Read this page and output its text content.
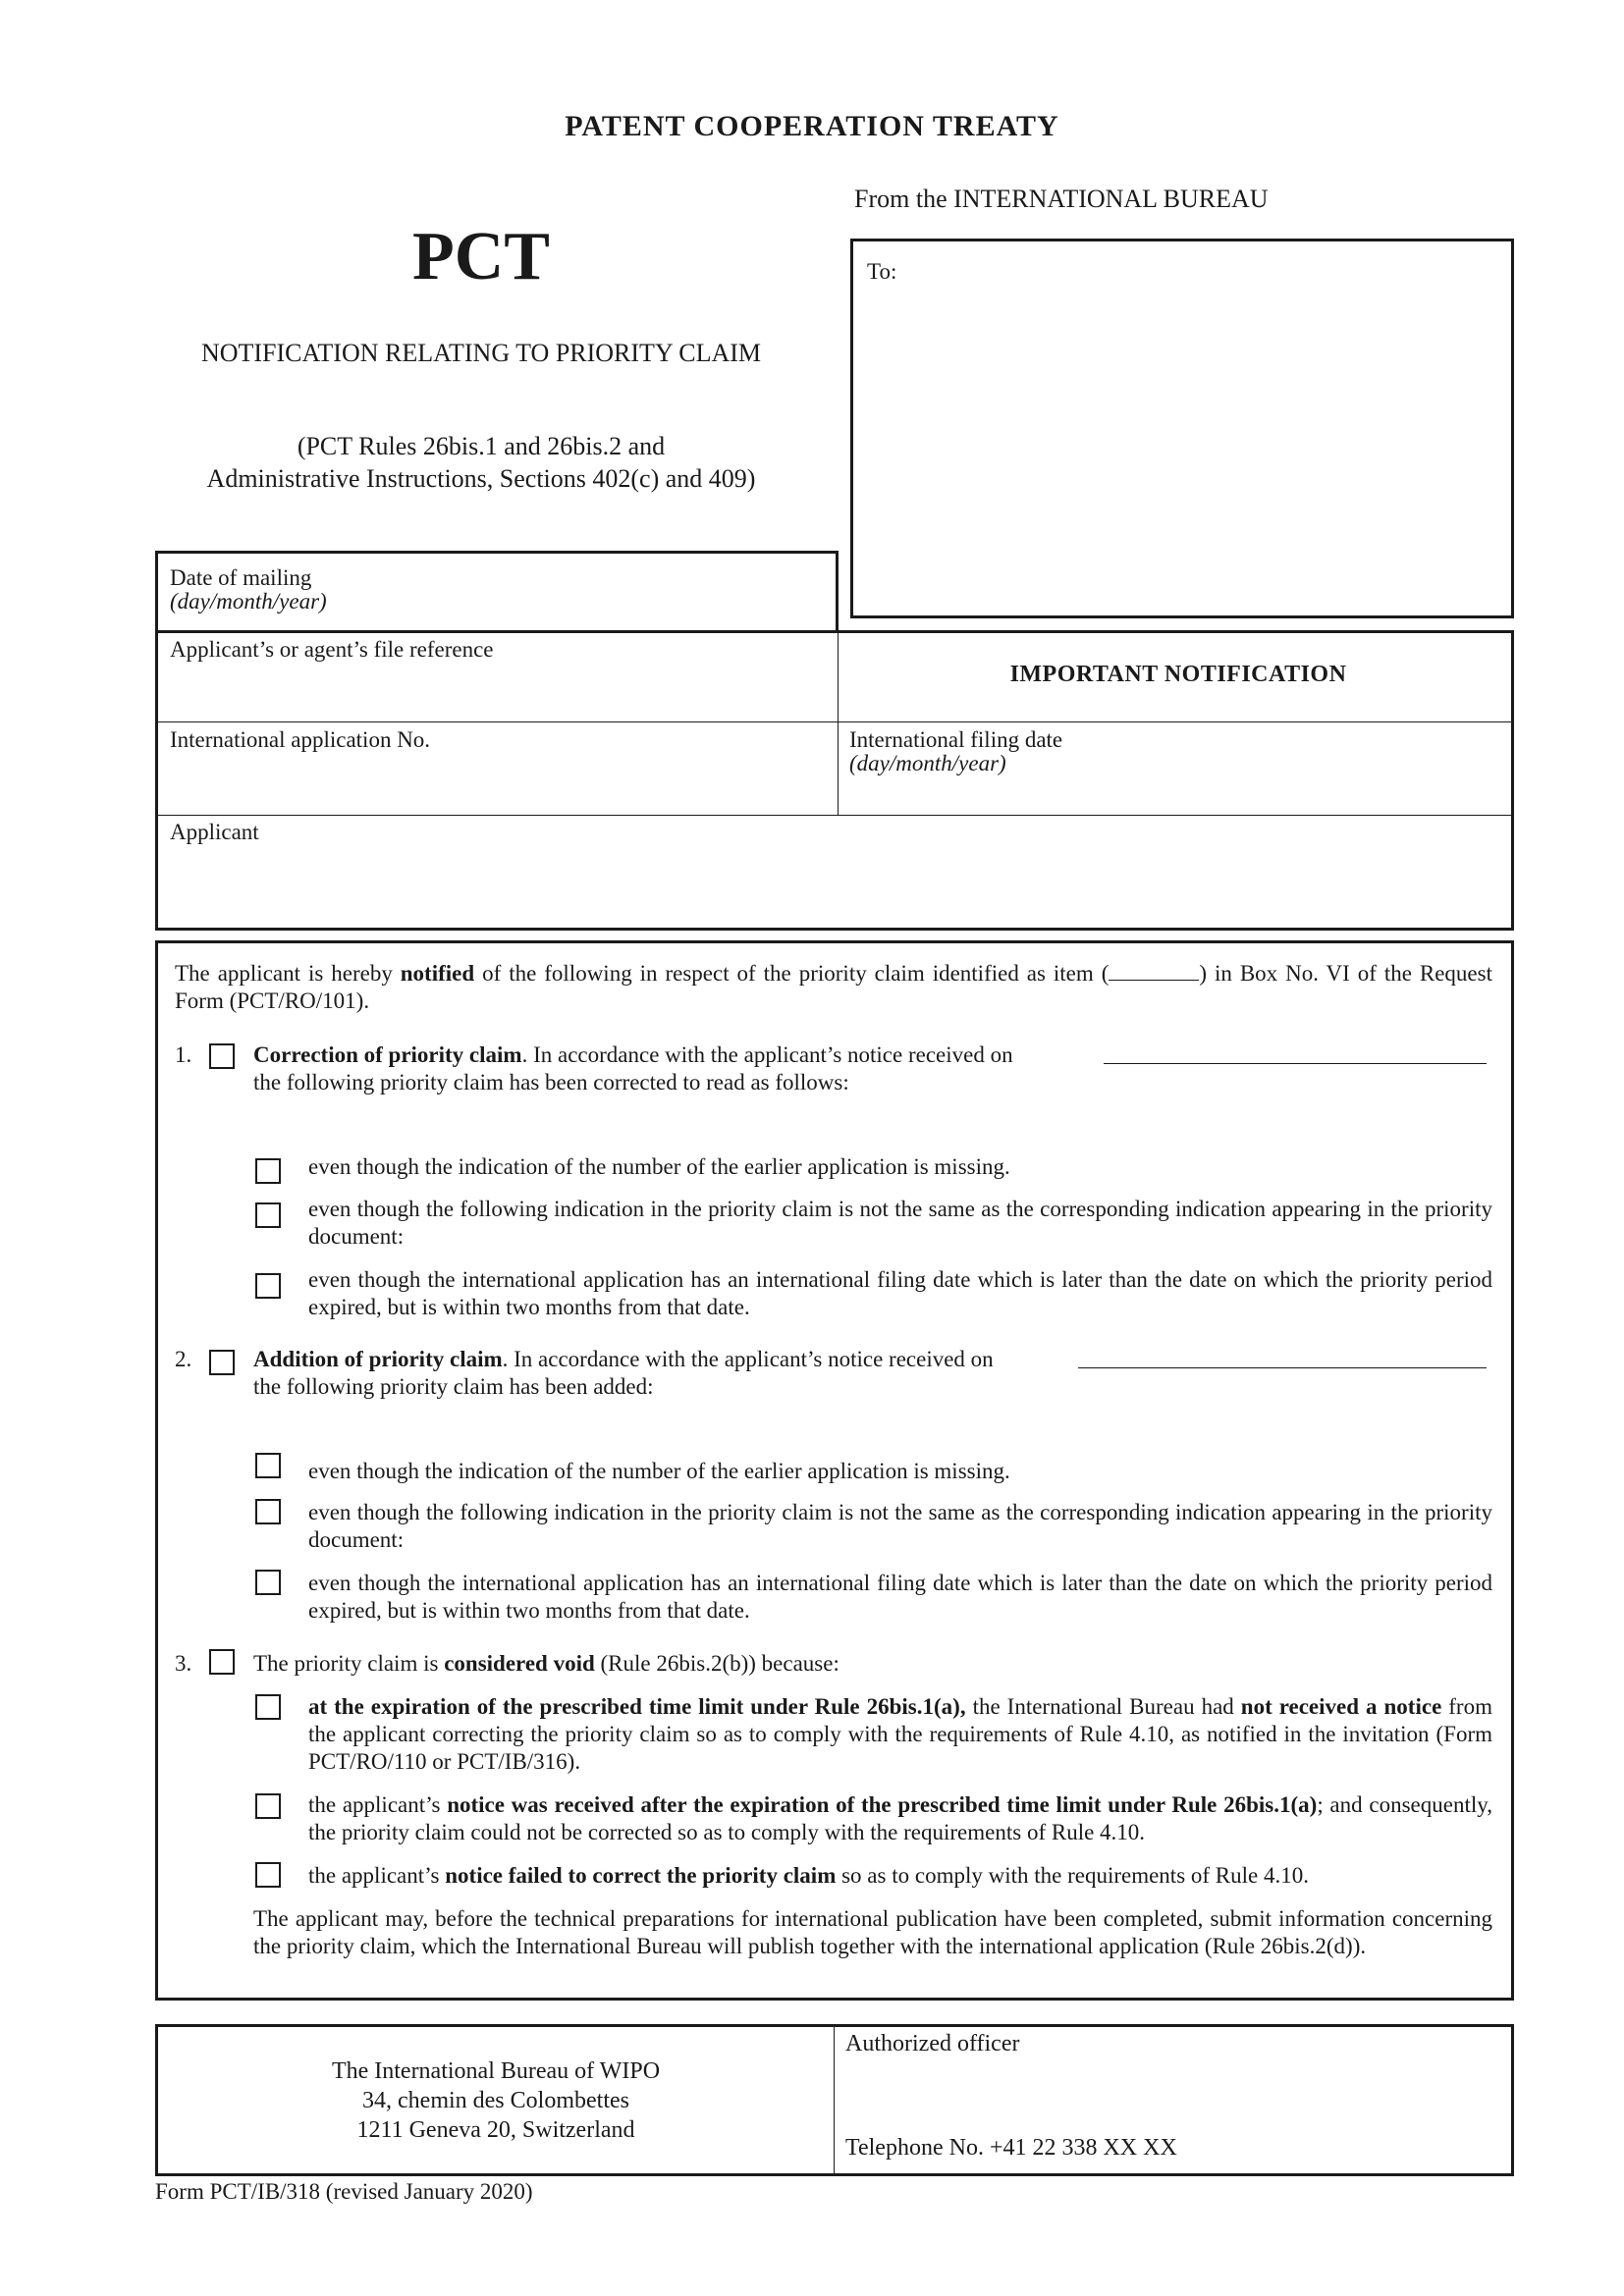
PATENT COOPERATION TREATY
From the INTERNATIONAL BUREAU
PCT
NOTIFICATION RELATING TO PRIORITY CLAIM
(PCT Rules 26bis.1 and 26bis.2 and
Administrative Instructions, Sections 402(c) and 409)
To:
Date of mailing
(day/month/year)
Applicant’s or agent’s file reference
IMPORTANT NOTIFICATION
International application No.	International filing date
(day/month/year)
Applicant
The applicant is hereby notified of the following in respect of the priority claim identified as item (	) in Box No. VI of the Request Form (PCT/RO/101).
1.	Correction of priority claim. In accordance with the applicant’s notice received on
the following priority claim has been corrected to read as follows:
even though the indication of the number of the earlier application is missing.
even though the following indication in the priority claim is not the same as the corresponding indication appearing in the priority document:
even though the international application has an international filing date which is later than the date on which the priority period expired, but is within two months from that date.
2.	Addition of priority claim. In accordance with the applicant’s notice received on
the following priority claim has been added:
even though the indication of the number of the earlier application is missing.
even though the following indication in the priority claim is not the same as the corresponding indication appearing in the priority document:
even though the international application has an international filing date which is later than the date on which the priority period expired, but is within two months from that date.
3.	The priority claim is considered void (Rule 26bis.2(b)) because:
at the expiration of the prescribed time limit under Rule 26bis.1(a), the International Bureau had not received a notice from the applicant correcting the priority claim so as to comply with the requirements of Rule 4.10, as notified in the invitation (Form PCT/RO/110 or PCT/IB/316).
the applicant’s notice was received after the expiration of the prescribed time limit under Rule 26bis.1(a); and consequently, the priority claim could not be corrected so as to comply with the requirements of Rule 4.10.
the applicant’s notice failed to correct the priority claim so as to comply with the requirements of Rule 4.10.
The applicant may, before the technical preparations for international publication have been completed, submit information concerning the priority claim, which the International Bureau will publish together with the international application (Rule 26bis.2(d)).
The International Bureau of WIPO
34, chemin des Colombettes
1211 Geneva 20, Switzerland
Authorized officer
Telephone No. +41 22 338 XX XX
Form PCT/IB/318 (revised January 2020)
